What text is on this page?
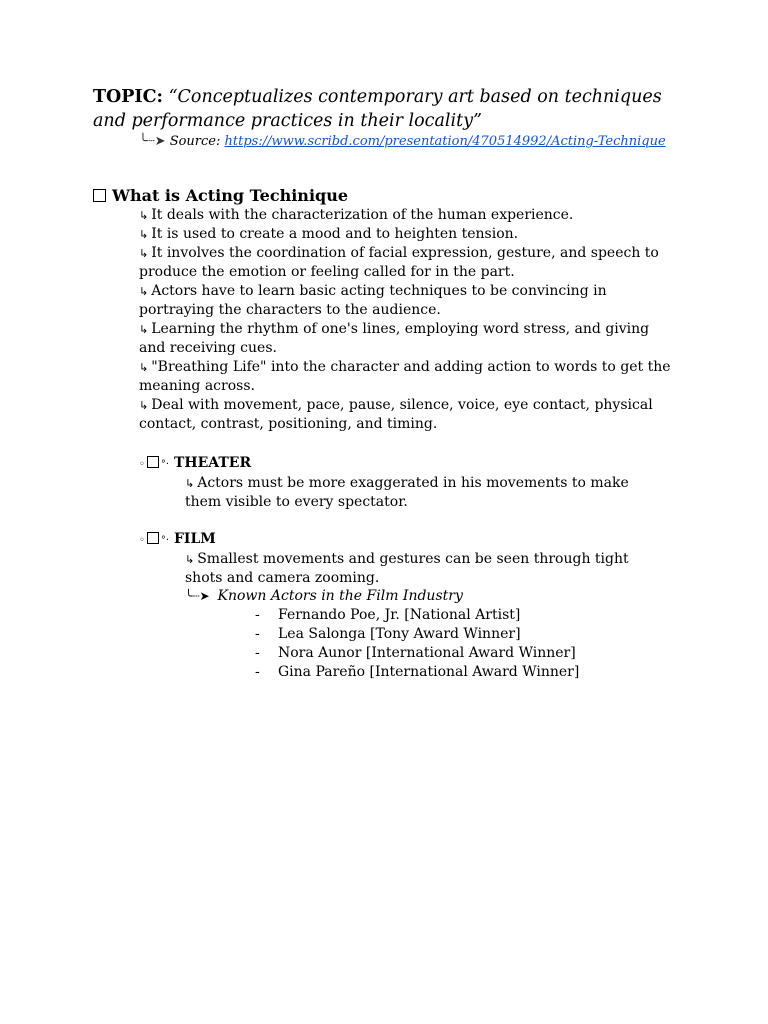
TOPIC: “Conceptualizes contemporary art based on techniques and performance practices in their locality”
╰┈➤ Source: https://www.scribd.com/presentation/470514992/Acting-Technique
What is Acting Techinique

↳ It deals with the characterization of the human experience.

↳ It is used to create a mood and to heighten tension.

↳ It involves the coordination of facial expression, gesture, and speech to produce the emotion or feeling called for in the part.

↳ Actors have to learn basic acting techniques to be convincing in portraying the characters to the audience.

↳ Learning the rhythm of one's lines, employing word stress, and giving and receiving cues.

↳ "Breathing Life" into the character and adding action to words to get the meaning across.

↳ Deal with movement, pace, pause, silence, voice, eye contact, physical contact, contrast, positioning, and timing.

◦ °· THEATER
↳ Actors must be more exaggerated in his movements to make them visible to every spectator.
◦ °· FILM
↳ Smallest movements and gestures can be seen through tight shots and camera zooming.
╰┈➤ Known Actors in the Film Industry
- Fernando Poe, Jr. [National Artist]
- Lea Salonga [Tony Award Winner]
- Nora Aunor [International Award Winner]
- Gina Pareño [International Award Winner]
